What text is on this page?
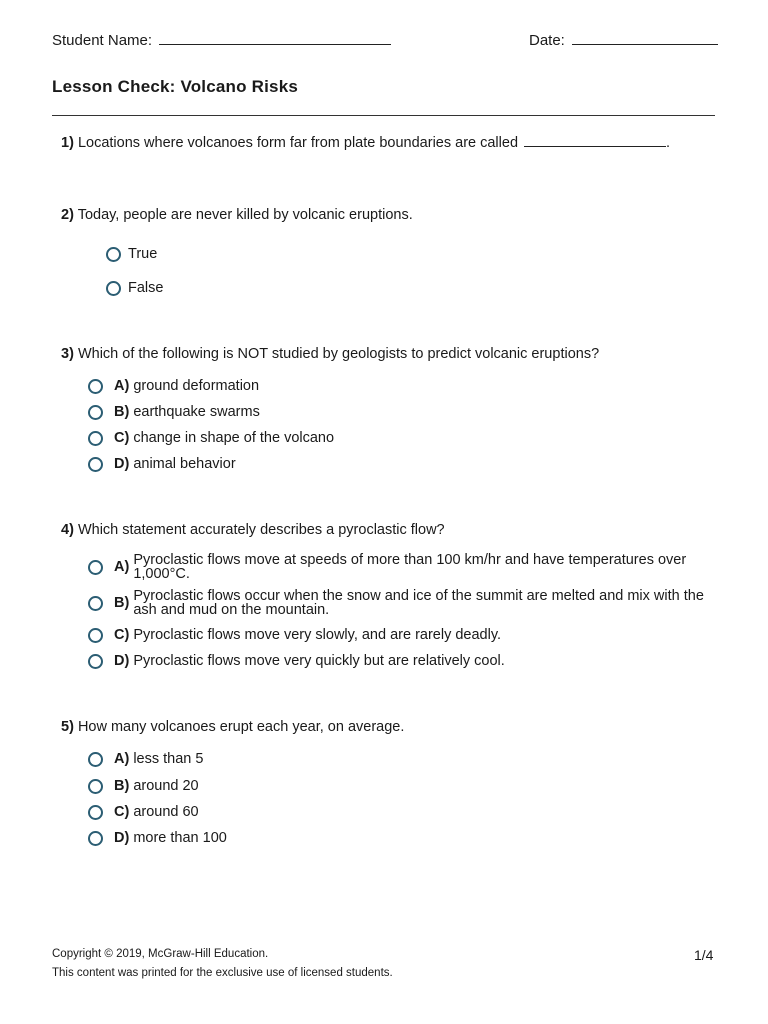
Student Name:	Date:
Lesson Check: Volcano Risks
1) Locations where volcanoes form far from plate boundaries are called	.
2) Today, people are never killed by volcanic eruptions.
True
False
3) Which of the following is NOT studied by geologists to predict volcanic eruptions?
A) ground deformation
B) earthquake swarms
C) change in shape of the volcano
D) animal behavior
4) Which statement accurately describes a pyroclastic flow?
A) Pyroclastic flows move at speeds of more than 100 km/hr and have temperatures over 1,000°C.
B) Pyroclastic flows occur when the snow and ice of the summit are melted and mix with the ash and mud on the mountain.
C) Pyroclastic flows move very slowly, and are rarely deadly.
D) Pyroclastic flows move very quickly but are relatively cool.
5) How many volcanoes erupt each year, on average.
A) less than 5
B) around 20
C) around 60
D) more than 100
Copyright © 2019, McGraw-Hill Education.
This content was printed for the exclusive use of licensed students.
1/4
